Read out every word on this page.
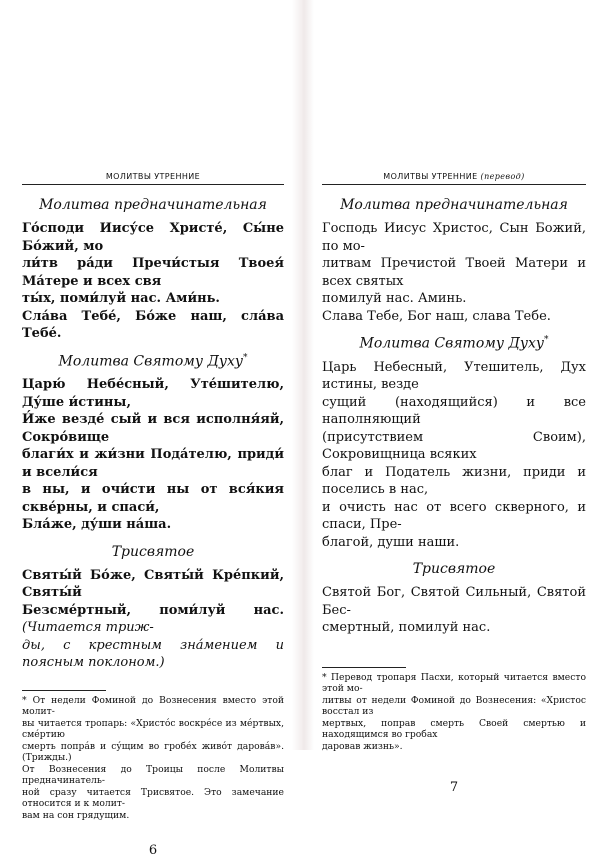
МОЛИТВЫ УТРЕННИЕ
Молитва предначинательная
Го́споди Иису́се Христе́, Сы́не Бо́жий, мо
ли́тв ра́ди Пречи́стыя Твоея́ Ма́тере и всех свя
ты́х, поми́луй нас. Ами́нь.
Сла́ва Тебе́, Бо́же наш, сла́ва Тебе́.
Молитва Святому Духу*
Царю́ Небе́сный, Уте́шителю, Ду́ше и́стины,
И́же везде́ сый и вся исполня́яй, Сокро́вище
благи́х и жи́зни Пода́телю, приди́ и всели́ся
в ны, и очи́сти ны от вся́кия скве́рны, и спаси́,
Бла́же, ду́ши на́ша.
Трисвятое
Святы́й Бо́же, Святы́й Кре́пкий, Святы́й
Безсме́ртный, поми́луй нас. (Читается триж-
ды, с крестным зна́мением и поясным поклоном.)
* От недели Фоминой до Вознесения вместо этой молит-
вы читается тропарь: «Христо́с воскре́се из ме́ртвых, сме́ртию
смерть попра́в и су́щим во гробе́х живо́т дарова́в». (Трижды.)
От Вознесения до Троицы после Молитвы предначинатель-
ной сразу читается Трисвятое. Это замечание относится и к молит-
вам на сон грядущим.
6
МОЛИТВЫ УТРЕННИЕ (перевод)
Молитва предначинательная
Господь Иисус Христос, Сын Божий, по мо-
литвам Пречистой Твоей Матери и всех святых
помилуй нас. Аминь.
Слава Тебе, Бог наш, слава Тебе.
Молитва Святому Духу*
Царь Небесный, Утешитель, Дух истины, везде
сущий (находящийся) и все наполняющий
(присутствием Своим), Сокровищница всяких
благ и Податель жизни, приди и поселись в нас,
и очисть нас от всего скверного, и спаси, Пре-
благой, души наши.
Трисвятое
Святой Бог, Святой Сильный, Святой Бес-
смертный, помилуй нас.
* Перевод тропаря Пасхи, который читается вместо этой мо-
литвы от недели Фоминой до Вознесения: «Христос восстал из
мертвых, поправ смерть Своей смертью и находящимся во гробах
даровав жизнь».
7
